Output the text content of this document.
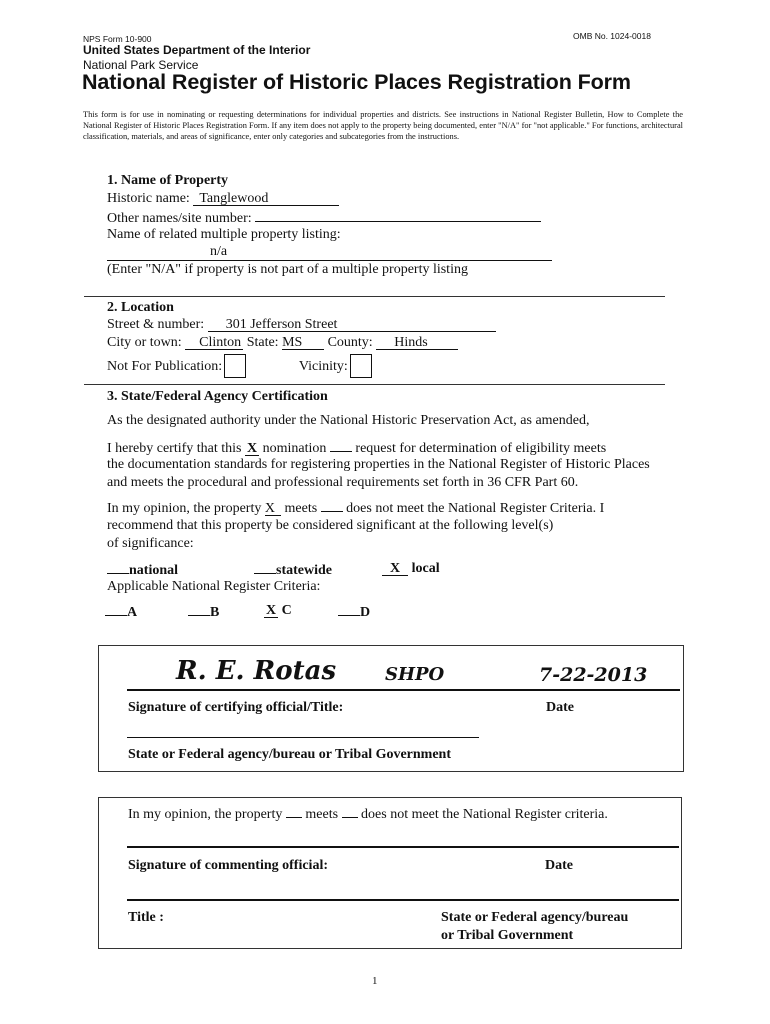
NPS Form 10-900	OMB No. 1024-0018
United States Department of the Interior
National Park Service
National Register of Historic Places Registration Form
This form is for use in nominating or requesting determinations for individual properties and districts. See instructions in National Register Bulletin, How to Complete the National Register of Historic Places Registration Form. If any item does not apply to the property being documented, enter "N/A" for "not applicable." For functions, architectural classification, materials, and areas of significance, enter only categories and subcategories from the instructions.
1. Name of Property
Historic name: Tanglewood
Other names/site number:
Name of related multiple property listing:
n/a
(Enter "N/A" if property is not part of a multiple property listing
2. Location
Street & number: 301 Jefferson Street
City or town: Clinton State: MS County: Hinds
Not For Publication:	Vicinity:
3. State/Federal Agency Certification
As the designated authority under the National Historic Preservation Act, as amended,
I hereby certify that this X nomination request for determination of eligibility meets
the documentation standards for registering properties in the National Register of Historic Places and meets the procedural and professional requirements set forth in 36 CFR Part 60.
In my opinion, the property X meets does not meet the National Register Criteria. I
recommend that this property be considered significant at the following level(s) of significance:
national	statewide	X local
Applicable National Register Criteria:
A	B	X C	D
R. E. Rotas	SHPO	7-22-2013
Signature of certifying official/Title:	Date
State or Federal agency/bureau or Tribal Government
In my opinion, the property meets does not meet the National Register criteria.
Signature of commenting official:	Date
Title :	State or Federal agency/bureau
or Tribal Government
1
